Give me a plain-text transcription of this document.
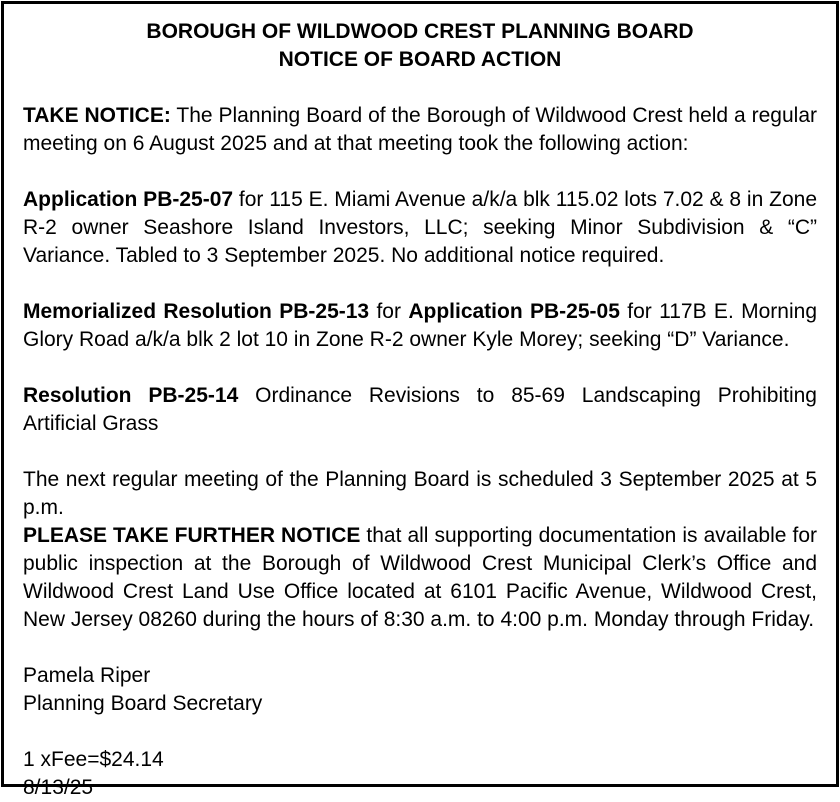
BOROUGH OF WILDWOOD CREST PLANNING BOARD
NOTICE OF BOARD ACTION

TAKE NOTICE: The Planning Board of the Borough of Wildwood Crest held a regular meeting on 6 August 2025 and at that meeting took the following action:

Application PB-25-07 for 115 E. Miami Avenue a/k/a blk 115.02 lots 7.02 & 8 in Zone R-2 owner Seashore Island Investors, LLC; seeking Minor Subdivision & “C” Variance. Tabled to 3 September 2025. No additional notice required.

Memorialized Resolution PB-25-13 for Application PB-25-05 for 117B E. Morning Glory Road a/k/a blk 2 lot 10 in Zone R-2 owner Kyle Morey; seeking “D” Variance.

Resolution PB-25-14 Ordinance Revisions to 85-69 Landscaping Prohibiting Artificial Grass

The next regular meeting of the Planning Board is scheduled 3 September 2025 at 5 p.m.

PLEASE TAKE FURTHER NOTICE that all supporting documentation is available for public inspection at the Borough of Wildwood Crest Municipal Clerk’s Office and Wildwood Crest Land Use Office located at 6101 Pacific Avenue, Wildwood Crest, New Jersey 08260 during the hours of 8:30 a.m. to 4:00 p.m. Monday through Friday.

Pamela Riper
Planning Board Secretary
1 xFee=$24.14
8/13/25
